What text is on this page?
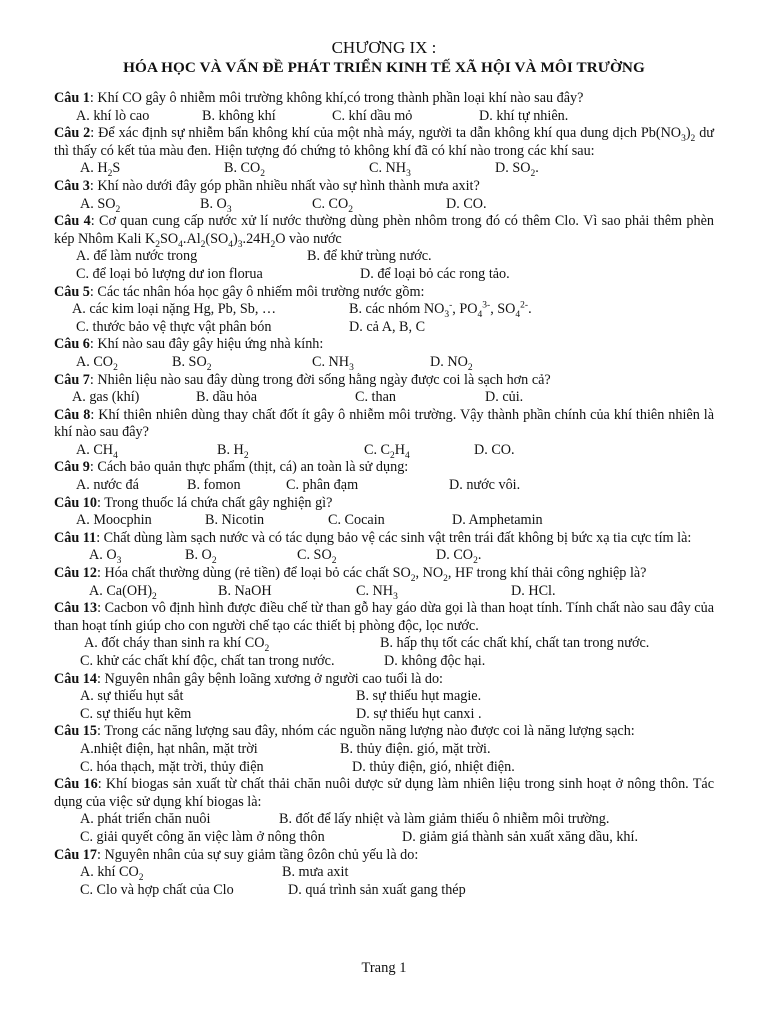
CHƯƠNG IX :
HÓA HỌC VÀ VẤN ĐỀ PHÁT TRIỂN KINH TẾ XÃ HỘI VÀ MÔI TRƯỜNG
Câu 1: Khí CO gây ô nhiễm môi trường không khí,có trong thành phần loại khí nào sau đây?
A. khí lò cao	B. không khí	C. khí dầu mỏ	D. khí tự nhiên.
Câu 2: Để xác định sự nhiễm bẩn không khí của một nhà máy, người ta dẫn không khí qua dung dịch $Pb(NO_3)_2$ dư thì thấy có kết tủa màu đen. Hiện tượng đó chứng tỏ không khí đã có khí nào trong các khí sau:
A. $H_2S$	B. $CO_2$	C. $NH_3$	D. $SO_2$.
Câu 3: Khí nào dưới đây góp phần nhiều nhất vào sự hình thành mưa axit?
A. $SO_2$	B. $O_3$	C. $CO_2$	D. CO.
Câu 4: Cơ quan cung cấp nước xử lí nước thường dùng phèn nhôm trong đó có thêm Clo. Vì sao phải thêm phèn kép Nhôm Kali $K_2SO_4.Al_2(SO_4)_3.24H_2O$ vào nước
A. để làm nước trong	B. để khử trùng nước.
C. để loại bỏ lượng dư ion florua	D. để loại bỏ các rong tảo.
Câu 5: Các tác nhân hóa học gây ô nhiếm môi trường nước gồm:
A. các kim loại nặng Hg, Pb, Sb, …	B. các nhóm $NO_3^-$, $PO_4^{3-}$, $SO_4^{2-}$.
C. thước bảo vệ thực vật phân bón	D. cả A, B, C
Câu 6: Khí nào sau đây gây hiệu ứng nhà kính:
A. $CO_2$	B. $SO_2$	C. $NH_3$	D. $NO_2$
Câu 7: Nhiên liệu nào sau đây dùng trong đời sống hằng ngày được coi là sạch hơn cả?
A. gas (khí)	B. dầu hỏa	C. than	D. củi.
Câu 8: Khí thiên nhiên dùng thay chất đốt ít gây ô nhiễm môi trường. Vậy thành phần chính của khí thiên nhiên là khí nào sau đây?
A. $CH_4$	B. $H_2$	C. $C_2H_4$	D. CO.
Câu 9: Cách bảo quản thực phẩm (thịt, cá) an toàn là sử dụng:
A. nước đá	B. fomon	C. phân đạm	D. nước vôi.
Câu 10: Trong thuốc lá chứa chất gây nghiện gì?
A. Moocphin	B. Nicotin	C. Cocain	D. Amphetamin
Câu 11: Chất dùng làm sạch nước và có tác dụng bảo vệ các sinh vật trên trái đất không bị bức xạ tia cực tím là:
A. $O_3$	B. $O_2$	C. $SO_2$	D. $CO_2$.
Câu 12: Hóa chất thường dùng (rẻ tiền) để loại bỏ các chất $SO_2$, $NO_2$, HF trong khí thải công nghiệp là?
A. $Ca(OH)_2$	B. NaOH	C. $NH_3$	D. HCl.
Câu 13: Cacbon vô định hình được điều chế từ than gỗ hay gáo dừa gọi là than hoạt tính. Tính chất nào sau đây của than hoạt tính giúp cho con người chế tạo các thiết bị phòng độc, lọc nước.
A. đốt cháy than sinh ra khí $CO_2$	B. hấp thụ tốt các chất khí, chất tan trong nước.
C. khử các chất khí độc, chất tan trong nước.	D. không độc hại.
Câu 14: Nguyên nhân gây bệnh loãng xương ở người cao tuổi là do:
A. sự thiếu hụt sắt	B. sự thiếu hụt magie.
C. sự thiếu hụt kẽm	D. sự thiếu hụt canxi .
Câu 15: Trong các năng lượng sau đây, nhóm các nguồn năng lượng nào được coi là năng lượng sạch:
A.nhiệt điện, hạt nhân, mặt trời	B. thủy điện. gió, mặt trời.
C. hóa thạch, mặt trời, thủy điện	D. thủy điện, gió, nhiệt điện.
Câu 16: Khí biogas sản xuất từ chất thải chăn nuôi dược sử dụng làm nhiên liệu trong sinh hoạt ở nông thôn. Tác dụng của việc sử dụng khí biogas là:
A. phát triển chăn nuôi	B. đốt để lấy nhiệt và làm giảm thiếu ô nhiễm môi trường.
C. giải quyết công ăn việc làm ở nông thôn	D. giảm giá thành sản xuất xăng dầu, khí.
Câu 17: Nguyên nhân của sự suy giảm tầng ôzôn chủ yếu là do:
A. khí $CO_2$	B. mưa axit
C. Clo và hợp chất của Clo	D. quá trình sản xuất gang thép
Trang 1
